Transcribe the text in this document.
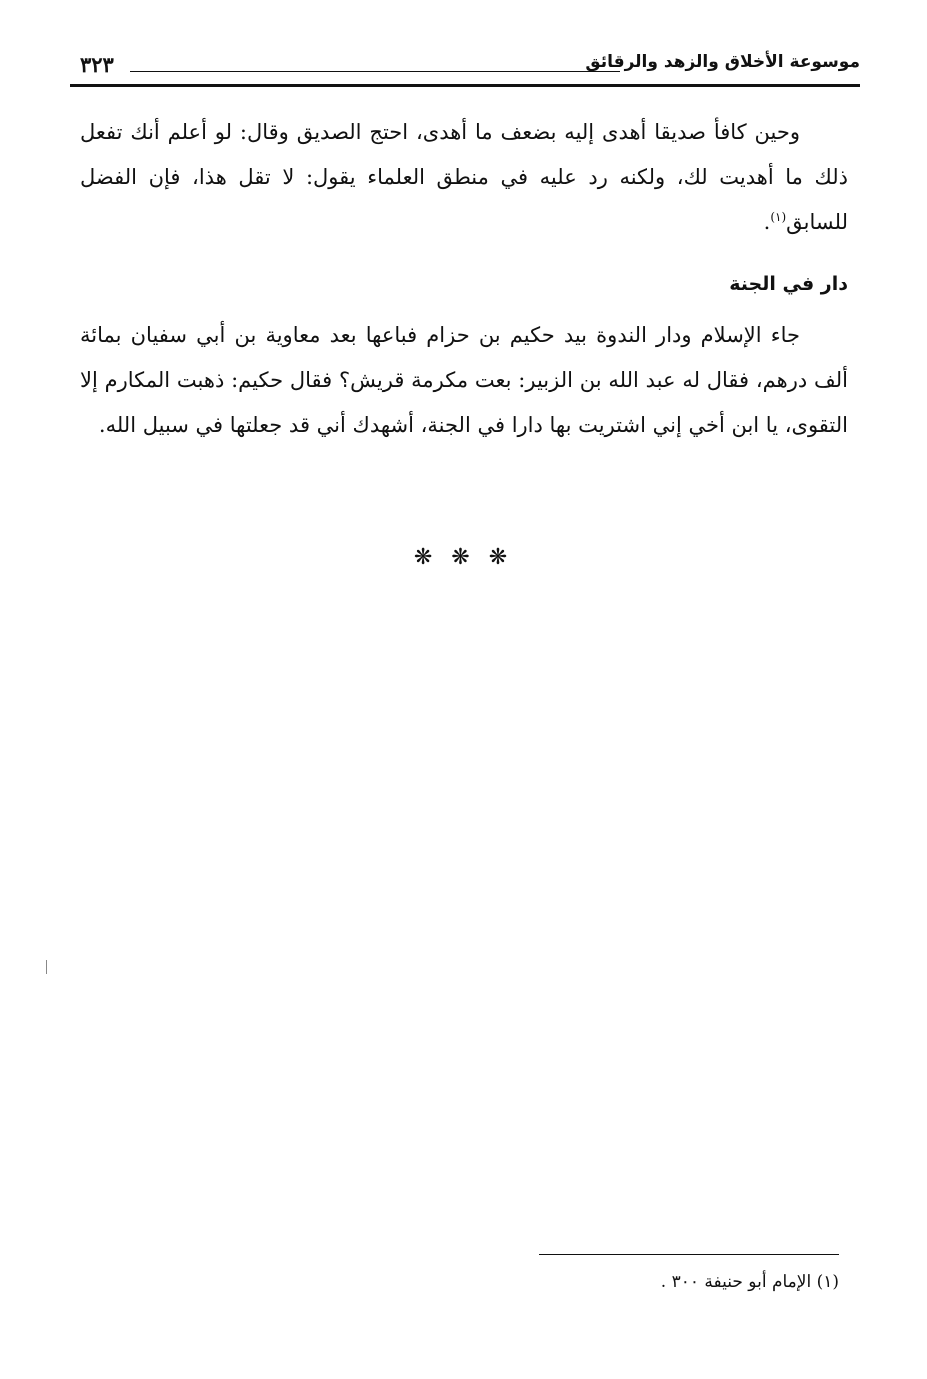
موسوعة الأخلاق والزهد والرقائق
٣٢٣

وحين كافأ صديقا أهدى إليه بضعف ما أهدى، احتج الصديق وقال: لو أعلم أنك تفعل ذلك ما أهديت لك، ولكنه رد عليه في منطق العلماء يقول: لا تقل هذا، فإن الفضل للسابق$^{(١)}$.

دار في الجنة

جاء الإسلام ودار الندوة بيد حكيم بن حزام فباعها بعد معاوية بن أبي سفيان بمائة ألف درهم، فقال له عبد الله بن الزبير: بعت مكرمة قريش؟ فقال حكيم: ذهبت المكارم إلا التقوى، يا ابن أخي إني اشتريت بها دارا في الجنة، أشهدك أني قد جعلتها في سبيل الله.

❋ ❋ ❋
(١) الإمام أبو حنيفة ٣٠٠ .
